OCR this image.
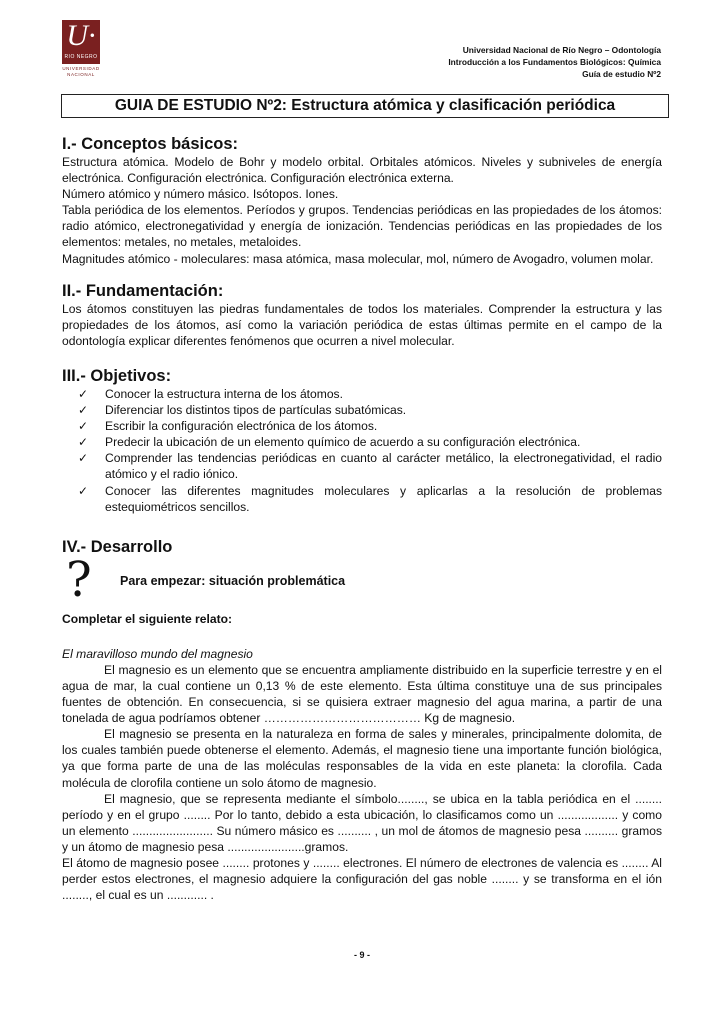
U·
RIO NEGRO
UNIVERSIDAD
NACIONAL
Universidad Nacional de Río Negro – Odontología
Introducción a los Fundamentos Biológicos: Química
Guía de estudio Nº2
GUIA DE ESTUDIO Nº2: Estructura atómica y clasificación periódica
I.- Conceptos básicos:

Estructura atómica. Modelo de Bohr y modelo orbital. Orbitales atómicos. Niveles y subniveles de energía electrónica. Configuración electrónica. Configuración electrónica externa.

Número atómico y número másico. Isótopos. Iones.

Tabla periódica de los elementos. Períodos y grupos. Tendencias periódicas en las propiedades de los átomos: radio atómico, electronegatividad y energía de ionización. Tendencias periódicas en las propiedades de los elementos: metales, no metales, metaloides.

Magnitudes atómico - moleculares: masa atómica, masa molecular, mol, número de Avogadro, volumen molar.

II.- Fundamentación:

Los átomos constituyen las piedras fundamentales de todos los materiales. Comprender la estructura y las propiedades de los átomos, así como la variación periódica de estas últimas permite en el campo de la odontología explicar diferentes fenómenos que ocurren a nivel molecular.

III.- Objetivos:
✓ Conocer la estructura interna de los átomos.
✓ Diferenciar los distintos tipos de partículas subatómicas.
✓ Escribir la configuración electrónica de los átomos.
✓ Predecir la ubicación de un elemento químico de acuerdo a su configuración electrónica.
✓ Comprender las tendencias periódicas en cuanto al carácter metálico, la electronegatividad, el radio atómico y el radio iónico.
✓ Conocer las diferentes magnitudes moleculares y aplicarlas a la resolución de problemas estequiométricos sencillos.
IV.- Desarrollo
? Para empezar: situación problemática

Completar el siguiente relato:

El maravilloso mundo del magnesio

El magnesio es un elemento que se encuentra ampliamente distribuido en la superficie terrestre y en el agua de mar, la cual contiene un 0,13 % de este elemento. Esta última constituye una de sus principales fuentes de obtención. En consecuencia, si se quisiera extraer magnesio del agua marina, a partir de una tonelada de agua podríamos obtener ………………………………… Kg de magnesio.

El magnesio se presenta en la naturaleza en forma de sales y minerales, principalmente dolomita, de los cuales también puede obtenerse el elemento. Además, el magnesio tiene una importante función biológica, ya que forma parte de una de las moléculas responsables de la vida en este planeta: la clorofila. Cada molécula de clorofila contiene un solo átomo de magnesio.

El magnesio, que se representa mediante el símbolo........, se ubica en la tabla periódica en el ........ período y en el grupo ........ Por lo tanto, debido a esta ubicación, lo clasificamos como un .................. y como un elemento ........................ Su número másico es .......... , un mol de átomos de magnesio pesa .......... gramos y un átomo de magnesio pesa .......................gramos.

El átomo de magnesio posee ........ protones y ........ electrones. El número de electrones de valencia es ........ Al perder estos electrones, el magnesio adquiere la configuración del gas noble ........ y se transforma en el ión ........, el cual es un ............ .

- 9 -
